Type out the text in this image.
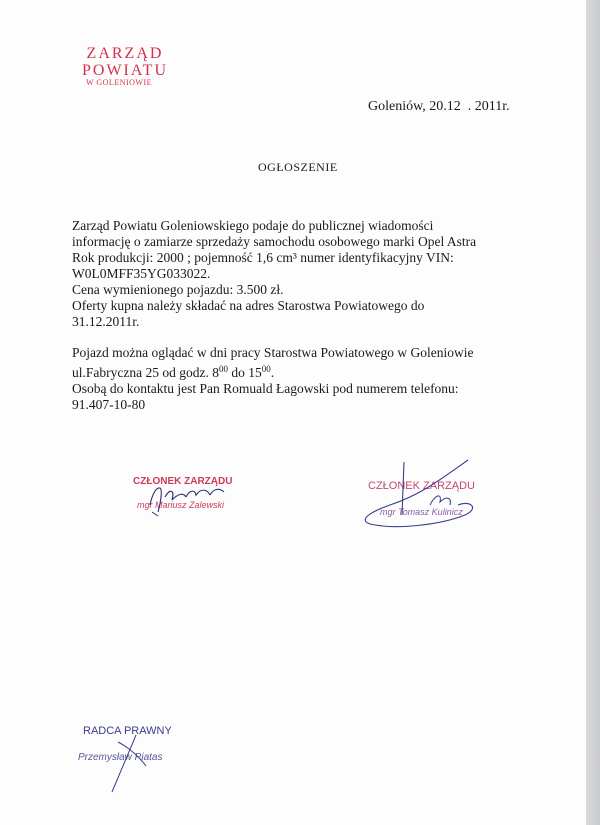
ZARZĄD
POWIATU
W GOLENIOWIE
Goleniów, 20.12  . 2011r.
OGŁOSZENIE
Zarząd Powiatu Goleniowskiego podaje do publicznej wiadomości
informację o zamiarze sprzedaży samochodu osobowego marki Opel Astra
Rok produkcji: 2000 ; pojemność 1,6 cm³ numer identyfikacyjny VIN:
W0L0MFF35YG033022.
Cena wymienionego pojazdu: 3.500 zł.
Oferty kupna należy składać na adres Starostwa Powiatowego do
31.12.2011r.
Pojazd można oglądać w dni pracy Starostwa Powiatowego w Goleniowie
ul.Fabryczna 25 od godz. $8^{00}$ do $15^{00}$.
Osobą do kontaktu jest Pan Romuald Łagowski pod numerem telefonu:
91.407-10-80
CZŁONEK ZARZĄDU
mgr Mariusz Zalewski
CZŁONEK ZARZĄDU
mgr Tomasz Kulinicz
RADCA PRAWNY
Przemysław Piatas
